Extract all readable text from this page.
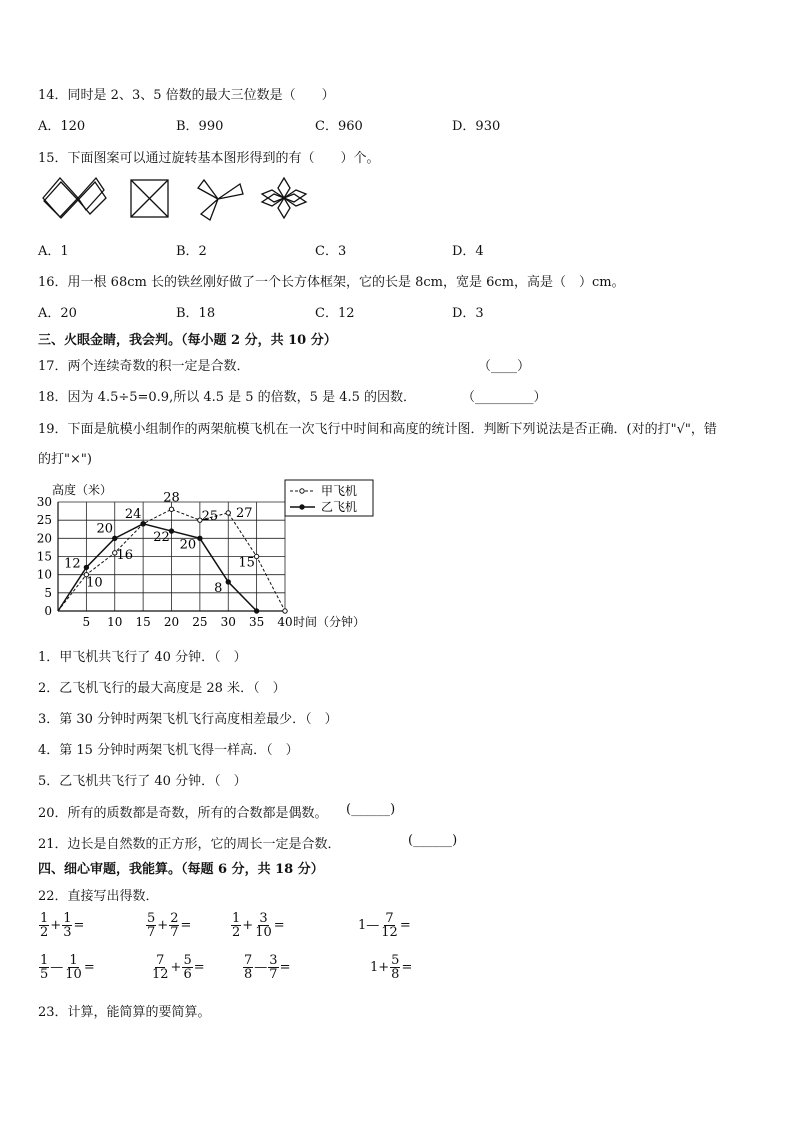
14．同时是 2、3、5 倍数的最大三位数是（　　）
A．120	B．990	C．960	D．930
15．下面图案可以通过旋转基本图形得到的有（　　）个。
A．1	B．2	C．3	D．4
16．用一根 68cm 长的铁丝刚好做了一个长方体框架，它的长是 8cm，宽是 6cm，高是（　）cm。
A．20	B．18	C．12	D．3
三、火眼金睛，我会判。（每小题 2 分，共 10 分）
17．两个连续奇数的积一定是合数．	（____）
18．因为 4.5÷5=0.9,所以 4.5 是 5 的倍数，5 是 4.5 的因数．	（_________）
19．下面是航模小组制作的两架航模飞机在一次飞行中时间和高度的统计图．判断下列说法是否正确．(对的打"√"，错
的打"×")
0
5
10
15
20
25
30
5 10 15 20 25 30 35 40
高度（米）
时间（分钟）
10
16
28
25 27
15
12
20
24
22 20
8
甲飞机
乙飞机
1．甲飞机共飞行了 40 分钟．（　）
2．乙飞机飞行的最大高度是 28 米．（　）
3．第 30 分钟时两架飞机飞行高度相差最少．（　）
4．第 15 分钟时两架飞机飞得一样高．（　）
5．乙飞机共飞行了 40 分钟．（　）
20．所有的质数都是奇数，所有的合数都是偶数。 (______)
21．边长是自然数的正方形，它的周长一定是合数．	(______)
四、细心审题，我能算。（每题 6 分，共 18 分）
22．直接写出得数．
23．计算，能简算的要简算。
$\frac{1}{2} + \frac{1}{3}$ =	$\frac{5}{7} + \frac{2}{7}$ =	$\frac{1}{2} + \frac{3}{10}$ =	1— $\frac{7}{12}$ =
$\frac{1}{5}$ — $\frac{1}{10}$ =	$\frac{7}{12} + \frac{5}{6}$ =	$\frac{7}{8}$ — $\frac{3}{7}$ =	$1+ \frac{5}{8}$ =
